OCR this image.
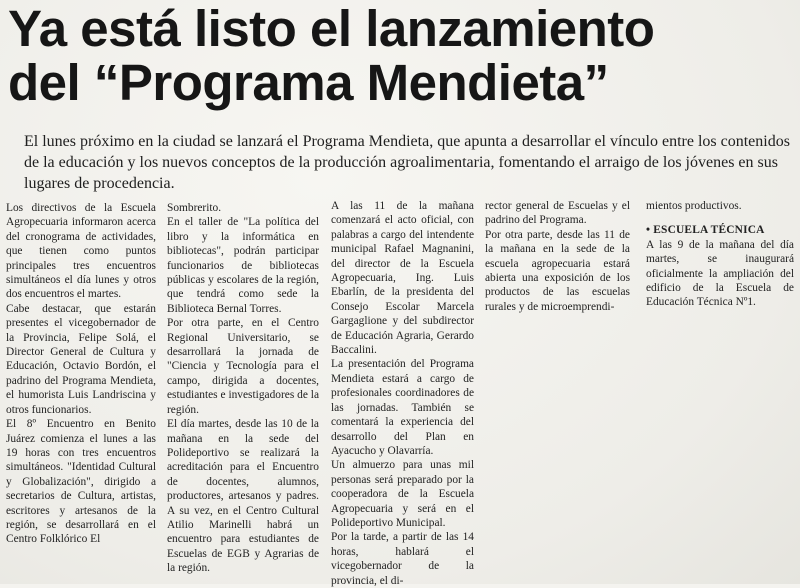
Ya está listo el lanzamiento
del “Programa Mendieta”

El lunes próximo en la ciudad se lanzará el Programa Mendieta, que apunta a desarrollar el vínculo entre los contenidos de la educación y los nuevos conceptos de la producción agroalimentaria, fomentando el arraigo de los jóvenes en sus lugares de procedencia.

Los directivos de la Escuela Agropecuaria informaron acerca del cronograma de actividades, que tienen como puntos principales tres encuentros simultáneos el día lunes y otros dos encuentros el martes.

Cabe destacar, que estarán presentes el vicegobernador de la Provincia, Felipe Solá, el Director General de Cultura y Educación, Octavio Bordón, el padrino del Programa Mendieta, el humorista Luis Landriscina y otros funcionarios.

El 8º Encuentro en Benito Juárez comienza el lunes a las 19 horas con tres encuentros simultáneos. "Identidad Cultural y Globalización", dirigido a secretarios de Cultura, artistas, escritores y artesanos de la región, se desarrollará en el Centro Folklórico El

Sombrerito.

En el taller de "La política del libro y la informática en bibliotecas", podrán participar funcionarios de bibliotecas públicas y escolares de la región, que tendrá como sede la Biblioteca Bernal Torres.

Por otra parte, en el Centro Regional Universitario, se desarrollará la jornada de "Ciencia y Tecnología para el campo, dirigida a docentes, estudiantes e investigadores de la región.

El día martes, desde las 10 de la mañana en la sede del Polideportivo se realizará la acreditación para el Encuentro de docentes, alumnos, productores, artesanos y padres. A su vez, en el Centro Cultural Atilio Marinelli habrá un encuentro para estudiantes de Escuelas de EGB y Agrarias de la región.

A las 11 de la mañana comenzará el acto oficial, con palabras a cargo del intendente municipal Rafael Magnanini, del director de la Escuela Agropecuaria, Ing. Luis Ebarlín, de la presidenta del Consejo Escolar Marcela Gargaglione y del subdirector de Educación Agraria, Gerardo Baccalini.

La presentación del Programa Mendieta estará a cargo de profesionales coordinadores de las jornadas. También se comentará la experiencia del desarrollo del Plan en Ayacucho y Olavarría.

Un almuerzo para unas mil personas será preparado por la cooperadora de la Escuela Agropecuaria y será en el Polideportivo Municipal.

Por la tarde, a partir de las 14 horas, hablará el vicegobernador de la provincia, el di-

rector general de Escuelas y el padrino del Programa.

Por otra parte, desde las 11 de la mañana en la sede de la escuela agropecuaria estará abierta una exposición de los productos de las escuelas rurales y de microemprendi-

mientos productivos.

• ESCUELA TÉCNICA

A las 9 de la mañana del día martes, se inaugurará oficialmente la ampliación del edificio de la Escuela de Educación Técnica Nº1.
